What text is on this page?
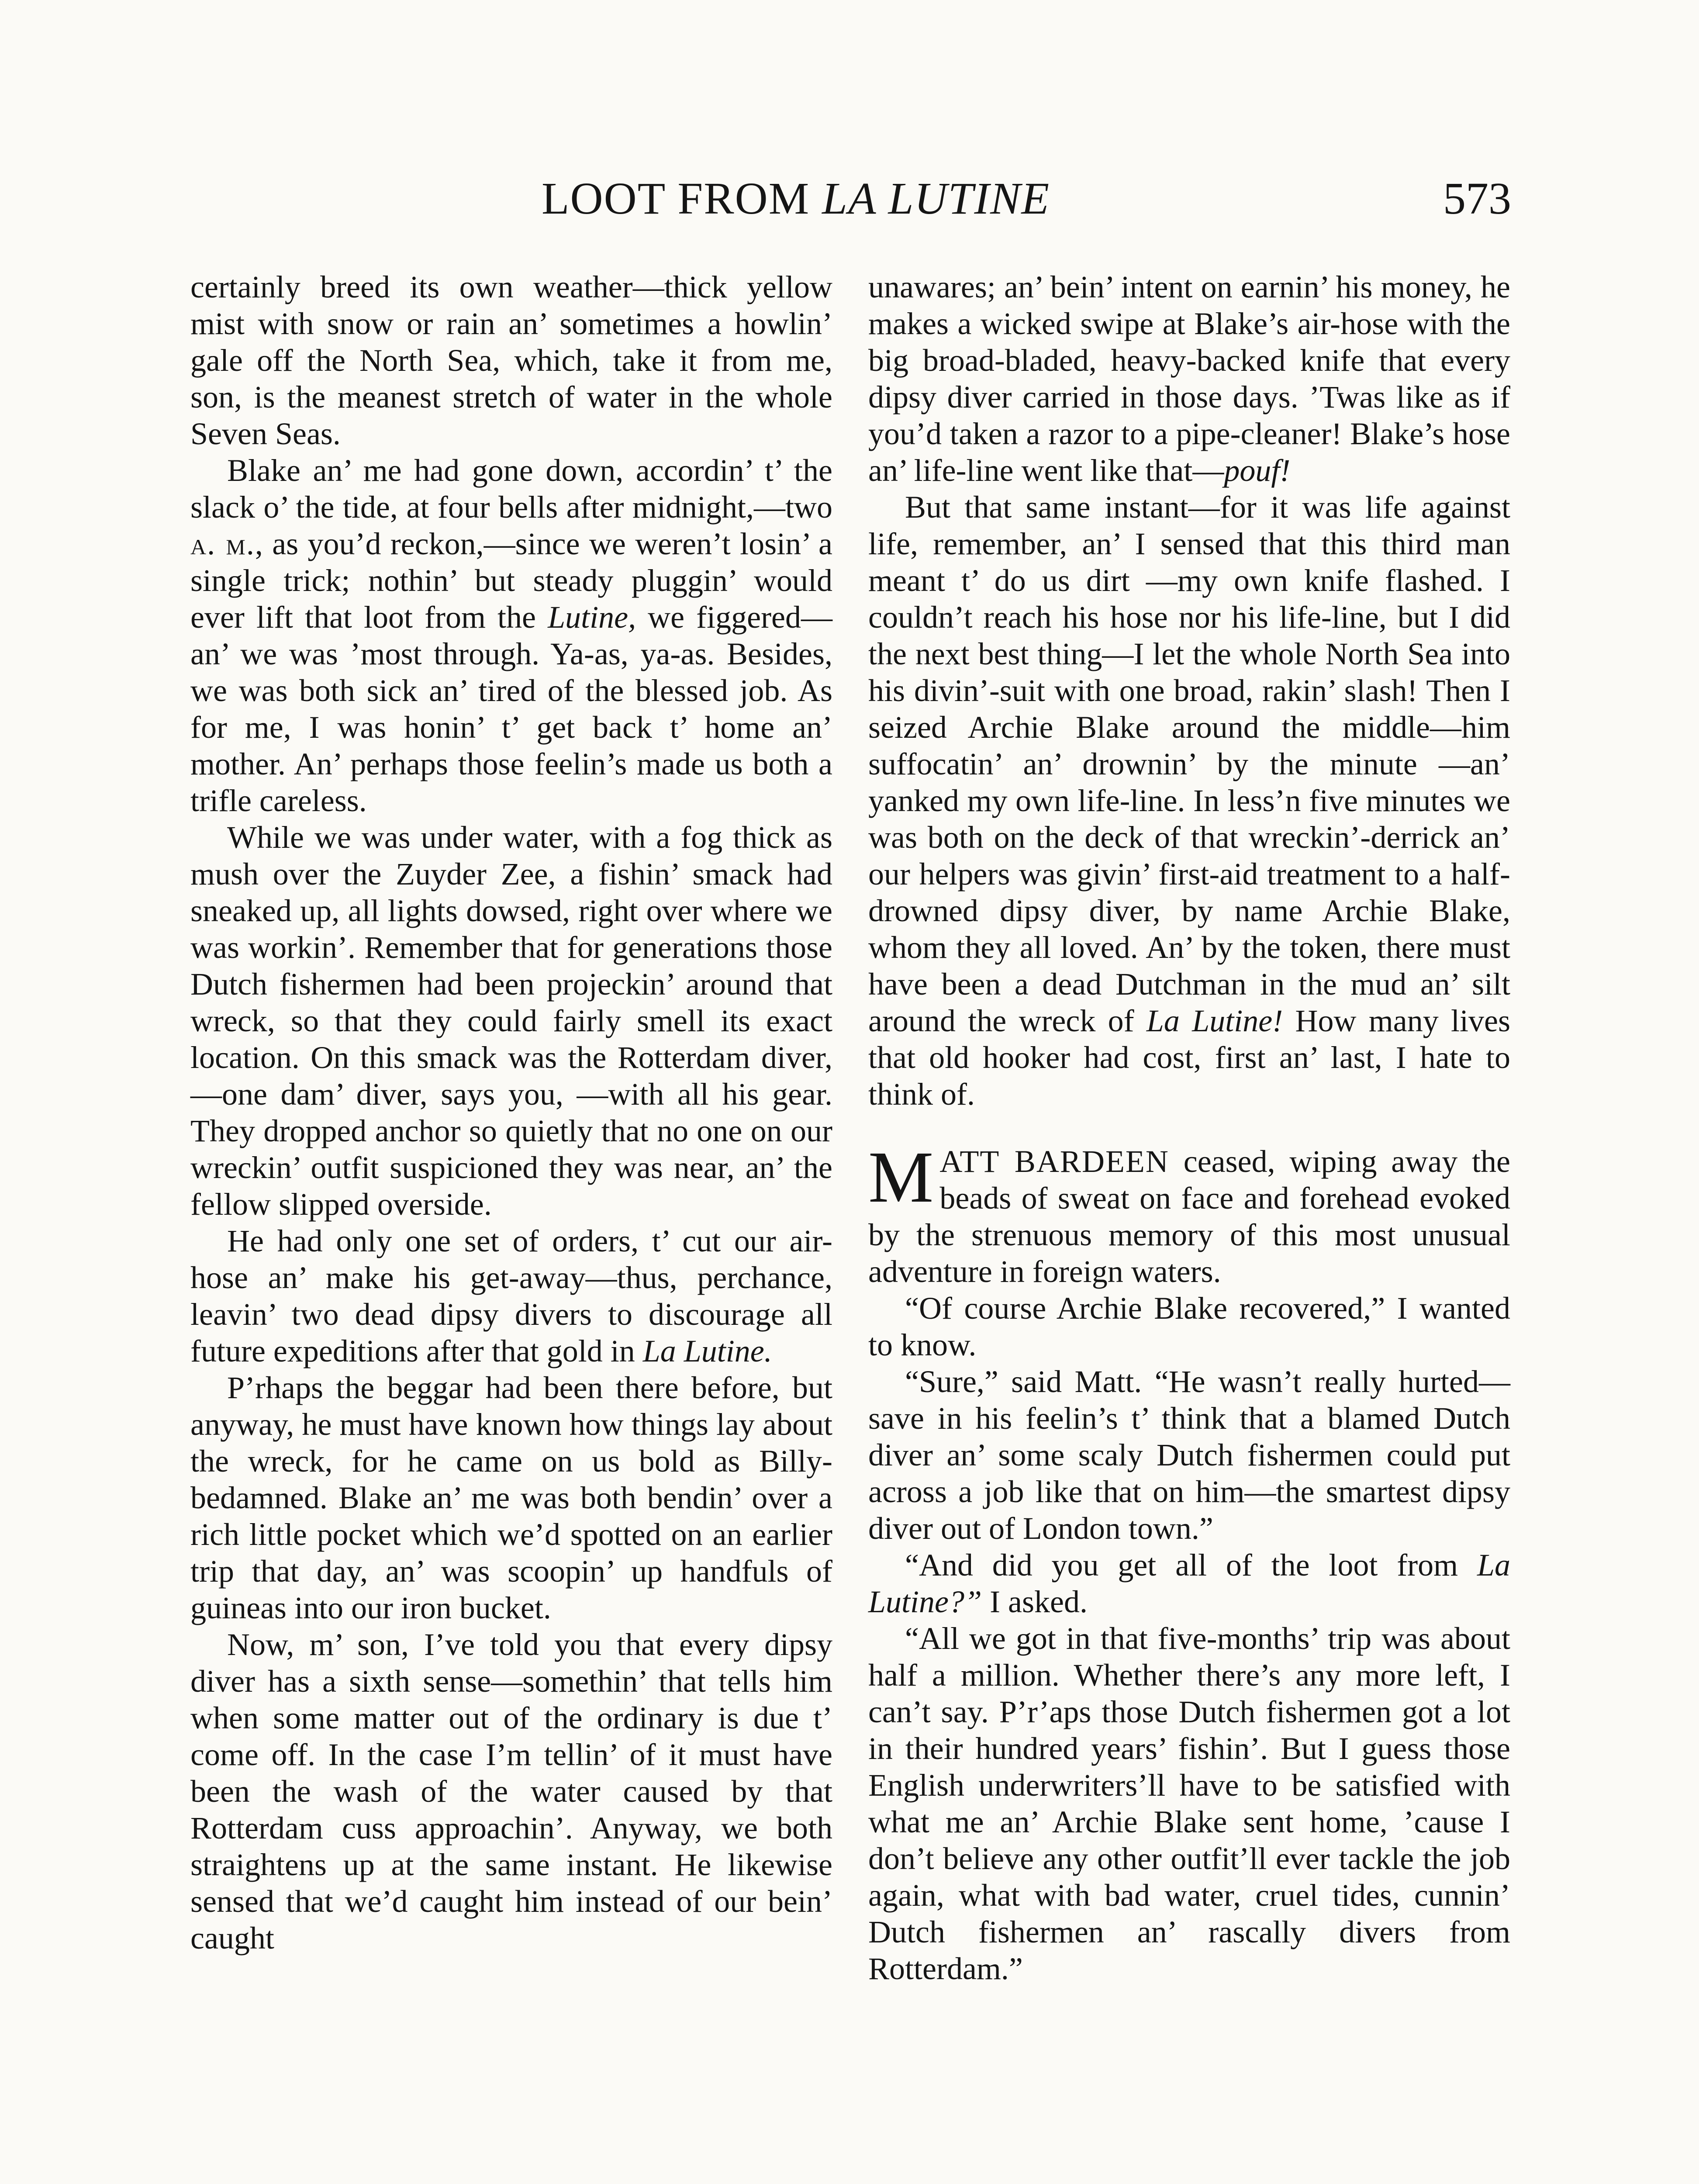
LOOT FROM LA LUTINE	573

certainly breed its own weather—thick yellow mist with snow or rain an’ sometimes a howlin’ gale off the North Sea, which, take it from me, son, is the meanest stretch of water in the whole Seven Seas.

Blake an’ me had gone down, accordin’ t’ the slack o’ the tide, at four bells after midnight,—two a. m., as you’d reckon,—since we weren’t losin’ a single trick; nothin’ but steady pluggin’ would ever lift that loot from the Lutine, we figgered—an’ we was ’most through. Ya-as, ya-as. Besides, we was both sick an’ tired of the blessed job. As for me, I was honin’ t’ get back t’ home an’ mother. An’ perhaps those feelin’s made us both a trifle careless.

While we was under water, with a fog thick as mush over the Zuyder Zee, a fishin’ smack had sneaked up, all lights dowsed, right over where we was workin’. Remember that for generations those Dutch fishermen had been projeckin’ around that wreck, so that they could fairly smell its exact location. On this smack was the Rotterdam diver,—one dam’ diver, says you, —with all his gear. They dropped anchor so quietly that no one on our wreckin’ outfit suspicioned they was near, an’ the fellow slipped overside.

He had only one set of orders, t’ cut our air-hose an’ make his get-away—thus, perchance, leavin’ two dead dipsy divers to discourage all future expeditions after that gold in La Lutine.

P’rhaps the beggar had been there before, but anyway, he must have known how things lay about the wreck, for he came on us bold as Billy-bedamned. Blake an’ me was both bendin’ over a rich little pocket which we’d spotted on an earlier trip that day, an’ was scoopin’ up handfuls of guineas into our iron bucket.

Now, m’ son, I’ve told you that every dipsy diver has a sixth sense—somethin’ that tells him when some matter out of the ordinary is due t’ come off. In the case I’m tellin’ of it must have been the wash of the water caused by that Rotterdam cuss approachin’. Anyway, we both straightens up at the same instant. He likewise sensed that we’d caught him instead of our bein’ caught

unawares; an’ bein’ intent on earnin’ his money, he makes a wicked swipe at Blake’s air-hose with the big broad-bladed, heavy-backed knife that every dipsy diver carried in those days. ’Twas like as if you’d taken a razor to a pipe-cleaner! Blake’s hose an’ life-line went like that—pouf!

But that same instant—for it was life against life, remember, an’ I sensed that this third man meant t’ do us dirt —my own knife flashed. I couldn’t reach his hose nor his life-line, but I did the next best thing—I let the whole North Sea into his divin’-suit with one broad, rakin’ slash! Then I seized Archie Blake around the middle—him suffocatin’ an’ drownin’ by the minute —an’ yanked my own life-line. In less’n five minutes we was both on the deck of that wreckin’-derrick an’ our helpers was givin’ first-aid treatment to a half-drowned dipsy diver, by name Archie Blake, whom they all loved. An’ by the token, there must have been a dead Dutchman in the mud an’ silt around the wreck of La Lutine! How many lives that old hooker had cost, first an’ last, I hate to think of.

MATT BARDEEN ceased, wiping away the beads of sweat on face and forehead evoked by the strenuous memory of this most unusual adventure in foreign waters.

“Of course Archie Blake recovered,” I wanted to know.

“Sure,” said Matt. “He wasn’t really hurted—save in his feelin’s t’ think that a blamed Dutch diver an’ some scaly Dutch fishermen could put across a job like that on him—the smartest dipsy diver out of London town.”

“And did you get all of the loot from La Lutine?” I asked.

“All we got in that five-months’ trip was about half a million. Whether there’s any more left, I can’t say. P’r’aps those Dutch fishermen got a lot in their hundred years’ fishin’. But I guess those English underwriters’ll have to be satisfied with what me an’ Archie Blake sent home, ’cause I don’t believe any other outfit’ll ever tackle the job again, what with bad water, cruel tides, cunnin’ Dutch fishermen an’ rascally divers from Rotterdam.”
